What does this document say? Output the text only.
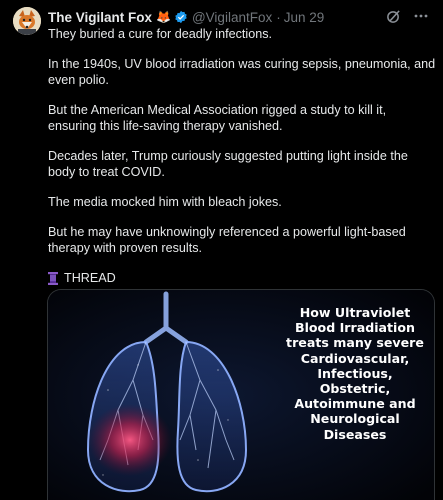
The Vigilant Fox 🦊 @VigilantFox · Jun 29

They buried a cure for deadly infections.

In the 1940s, UV blood irradiation was curing sepsis, pneumonia, and even polio.

But the American Medical Association rigged a study to kill it, ensuring this life-saving therapy vanished.

Decades later, Trump curiously suggested putting light inside the body to treat COVID.

The media mocked him with bleach jokes.

But he may have unknowingly referenced a powerful light-based therapy with proven results.

THREAD
How Ultraviolet Blood Irradiation treats many severe Cardiovascular, Infectious, Obstetric, Autoimmune and Neurological Diseases
